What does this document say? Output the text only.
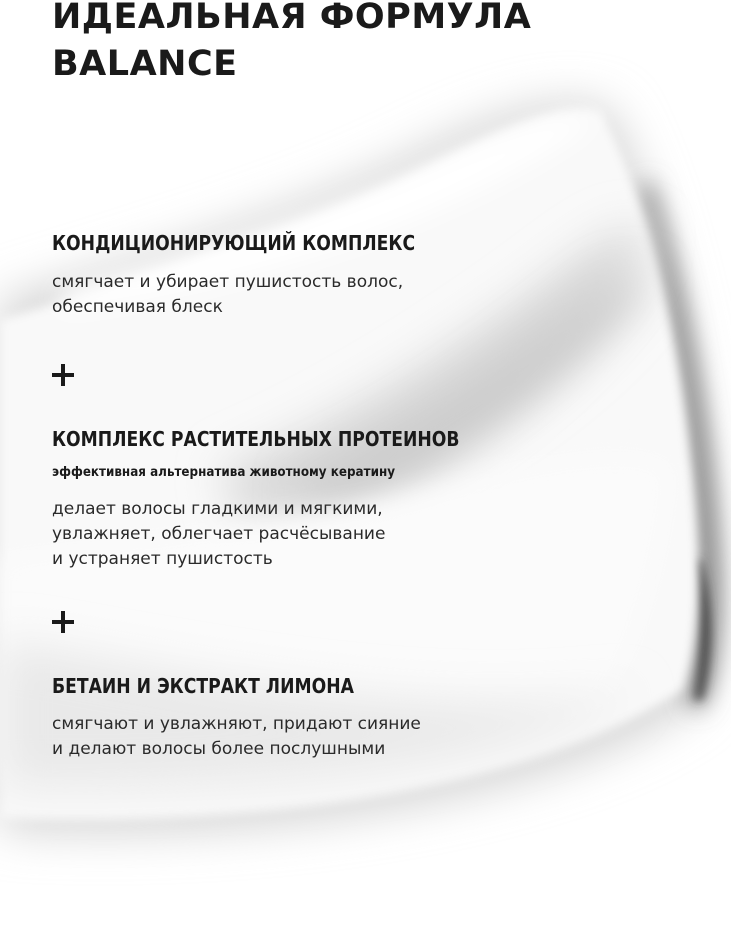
ИДЕАЛЬНАЯ ФОРМУЛА
BALANCE
КОНДИЦИОНИРУЮЩИЙ КОМПЛЕКС

смягчает и убирает пушистость волос,
обеспечивая блеск

КОМПЛЕКС РАСТИТЕЛЬНЫХ ПРОТЕИНОВ

эффективная альтернатива животному кератину

делает волосы гладкими и мягкими,
увлажняет, облегчает расчёсывание
и устраняет пушистость

БЕТАИН И ЭКСТРАКТ ЛИМОНА

смягчают и увлажняют, придают сияние
и делают волосы более послушными
